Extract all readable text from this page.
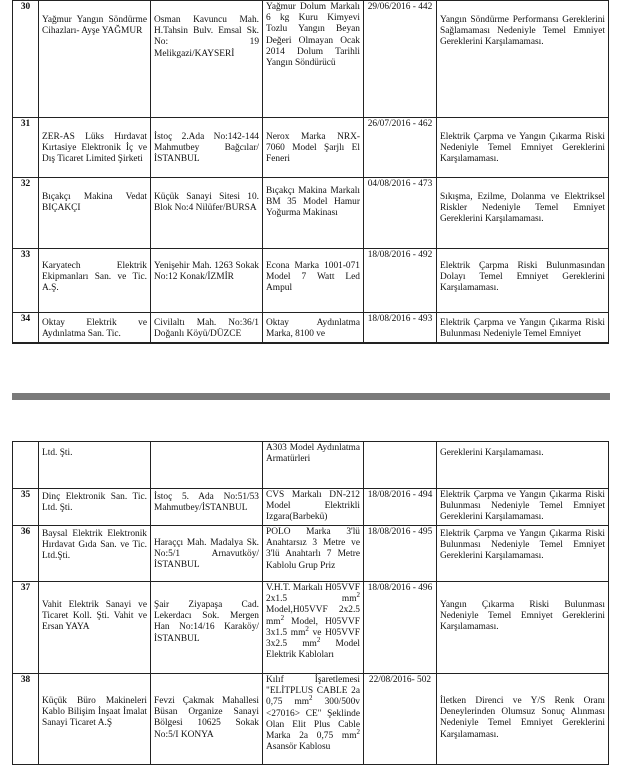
30	Yağmur Yangın Söndürme Cihazları- Ayşe YAĞMUR	Osman Kavuncu Mah. H.Tahsin Bulv. Emsal Sk. No: 19 Melikgazi/KAYSERİ	Yağmur Dolum Markalı 6 kg Kuru Kimyevi Tozlu Yangın Beyan Değeri Olmayan Ocak 2014 Dolum Tarihli Yangın Söndürücü	29/06/2016 - 442	Yangın Söndürme Performansı Gereklerini Sağlamaması Nedeniyle Temel Emniyet Gereklerini Karşılamaması.
31	ZER-AS Lüks Hırdavat Kırtasiye Elektronik İç ve Dış Ticaret Limited Şirketi	İstoç 2.Ada No:142-144 Mahmutbey Bağcılar/İSTANBUL	Nerox Marka NRX-7060 Model Şarjlı El Feneri	26/07/2016 - 462	Elektrik Çarpma ve Yangın Çıkarma Riski Nedeniyle Temel Emniyet Gereklerini Karşılamaması.
32	Bıçakçı Makina Vedat BIÇAKÇI	Küçük Sanayi Sitesi 10. Blok No:4 Nilüfer/BURSA	Bıçakçı Makina Markalı BM 35 Model Hamur Yoğurma Makinası	04/08/2016 - 473	Sıkışma, Ezilme, Dolanma ve Elektriksel Riskler Nedeniyle Temel Emniyet Gereklerini Karşılamaması.
33	Karyatech Elektrik Ekipmanları San. ve Tic. A.Ş.	Yenişehir Mah. 1263 Sokak No:12 Konak/İZMİR	Econa Marka 1001-071 Model 7 Watt Led Ampul	18/08/2016 - 492	Elektrik Çarpma Riski Bulunmasından Dolayı Temel Emniyet Gereklerini Karşılamaması.
34	Oktay Elektrik ve Aydınlatma San. Tic.	Civilaltı Mah. No:36/1 Doğanlı Köyü/DÜZCE	Oktay Aydınlatma Marka, 8100 ve	18/08/2016 - 493	Elektrik Çarpma ve Yangın Çıkarma Riski Bulunması Nedeniyle Temel Emniyet
	Ltd. Şti.		A303 Model Aydınlatma Armatürleri		Gereklerini Karşılamaması.
35	Dinç Elektronik San. Tic. Ltd. Şti.	İstoç 5. Ada No:51/53 Mahmutbey/İSTANBUL	CVS Markalı DN-212 Model Elektrikli Izgara(Barbekü)	18/08/2016 - 494	Elektrik Çarpma ve Yangın Çıkarma Riski Bulunması Nedeniyle Temel Emniyet Gereklerini Karşılamaması.
36	Baysal Elektrik Elektronik Hırdavat Gıda San. ve Tic. Ltd.Şti.	Haraççı Mah. Madalya Sk. No:5/1 Arnavutköy/İSTANBUL	POLO Marka 3'lü Anahtarsız 3 Metre ve 3'lü Anahtarlı 7 Metre Kablolu Grup Priz	18/08/2016 - 495	Elektrik Çarpma ve Yangın Çıkarma Riski Bulunması Nedeniyle Temel Emniyet Gereklerini Karşılamaması.
37	Vahit Elektrik Sanayi ve Ticaret Koll. Şti. Vahit ve Ersan YAYA	Şair Ziyapaşa Cad. Lekerdacı Sok. Mergen Han No:14/16 Karaköy/İSTANBUL	V.H.T. Markalı H05VVF 2x1.5 $mm^2$ Model,H05VVF 2x2.5 $mm^2$ Model, H05VVF 3x1.5 $mm^2$ ve H05VVF 3x2.5 $mm^2$ Model Elektrik Kabloları	18/08/2016 - 496	Yangın Çıkarma Riski Bulunması Nedeniyle Temel Emniyet Gereklerini Karşılamaması.
38	Küçük Büro Makineleri Kablo Bilişim İnşaat İmalat Sanayi Ticaret A.Ş	Fevzi Çakmak Mahallesi Büsan Organize Sanayi Bölgesi 10625 Sokak No:5/I KONYA	Kılıf İşaretlemesi "ELİTPLUS CABLE 2a 0,75 $mm^2$ 300/500v <27016> CE" Şeklinde Olan Elit Plus Cable Marka 2a 0,75 $mm^2$ Asansör Kablosu	22/08/2016- 502	İletken Direnci ve Y/S Renk Oranı Deneylerinden Olumsuz Sonuç Alınması Nedeniyle Temel Emniyet Gereklerini Karşılamaması.
